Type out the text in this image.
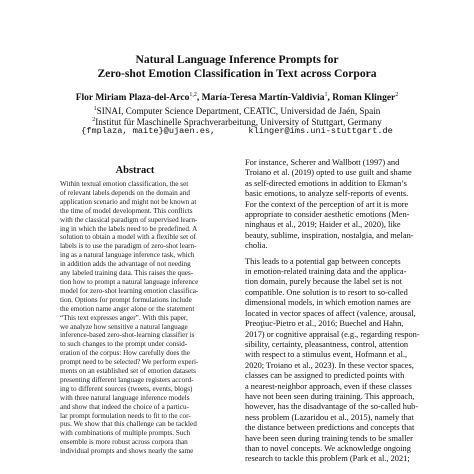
Natural Language Inference Prompts for
Zero-shot Emotion Classification in Text across Corpora
Flor Miriam Plaza-del-Arco$^{1,2}$, María-Teresa Martín-Valdivia$^1$, Roman Klinger$^2$
$^1$SINAI, Computer Science Department, CEATIC, Universidad de Jaén, Spain
$^2$Institut für Maschinelle Sprachverarbeitung, University of Stuttgart, Germany
{fmplaza, maite}@ujaen.es,	klinger@ims.uni-stuttgart.de
Abstract
Within textual emotion classification, the set
of relevant labels depends on the domain and
application scenario and might not be known at
the time of model development. This conflicts
with the classical paradigm of supervised learn-
ing in which the labels need to be predefined. A
solution to obtain a model with a flexible set of
labels is to use the paradigm of zero-shot learn-
ing as a natural language inference task, which
in addition adds the advantage of not needing
any labeled training data. This raises the ques-
tion how to prompt a natural language inference
model for zero-shot learning emotion classifica-
tion. Options for prompt formulations include
the emotion name anger alone or the statement
“This text expresses anger”. With this paper,
we analyze how sensitive a natural language
inference-based zero-shot-learning classifier is
to such changes to the prompt under consid-
eration of the corpus: How carefully does the
prompt need to be selected? We perform experi-
ments on an established set of emotion datasets
presenting different language registers accord-
ing to different sources (tweets, events, blogs)
with three natural language inference models
and show that indeed the choice of a particu-
lar prompt formulation needs to fit to the cor-
pus. We show that this challenge can be tackled
with combinations of multiple prompts. Such
ensemble is more robust across corpora than
individual prompts and shows nearly the same
For instance, Scherer and Wallbott (1997) and
Troiano et al. (2019) opted to use guilt and shame
as self-directed emotions in addition to Ekman’s
basic emotions, to analyze self-reports of events.
For the context of the perception of art it is more
appropriate to consider aesthetic emotions (Men-
ninghaus et al., 2019; Haider et al., 2020), like
beauty, sublime, inspiration, nostalgia, and melan-
cholia.
This leads to a potential gap between concepts
in emotion-related training data and the applica-
tion domain, purely because the label set is not
compatible. One solution is to resort to so-called
dimensional models, in which emotion names are
located in vector spaces of affect (valence, arousal,
Preoţiuc-Pietro et al., 2016; Buechel and Hahn,
2017) or cognitive appraisal (e.g., regarding respon-
sibility, certainty, pleasantness, control, attention
with respect to a stimulus event, Hofmann et al.,
2020; Troiano et al., 2023). In these vector spaces,
classes can be assigned to predicted points with
a nearest-neighbor approach, even if these classes
have not been seen during training. This approach,
however, has the disadvantage of the so-called hub-
ness problem (Lazaridou et al., 2015), namely that
the distance between predictions and concepts that
have been seen during training tends to be smaller
than to novel concepts. We acknowledge ongoing
research to tackle this problem (Park et al., 2021;
